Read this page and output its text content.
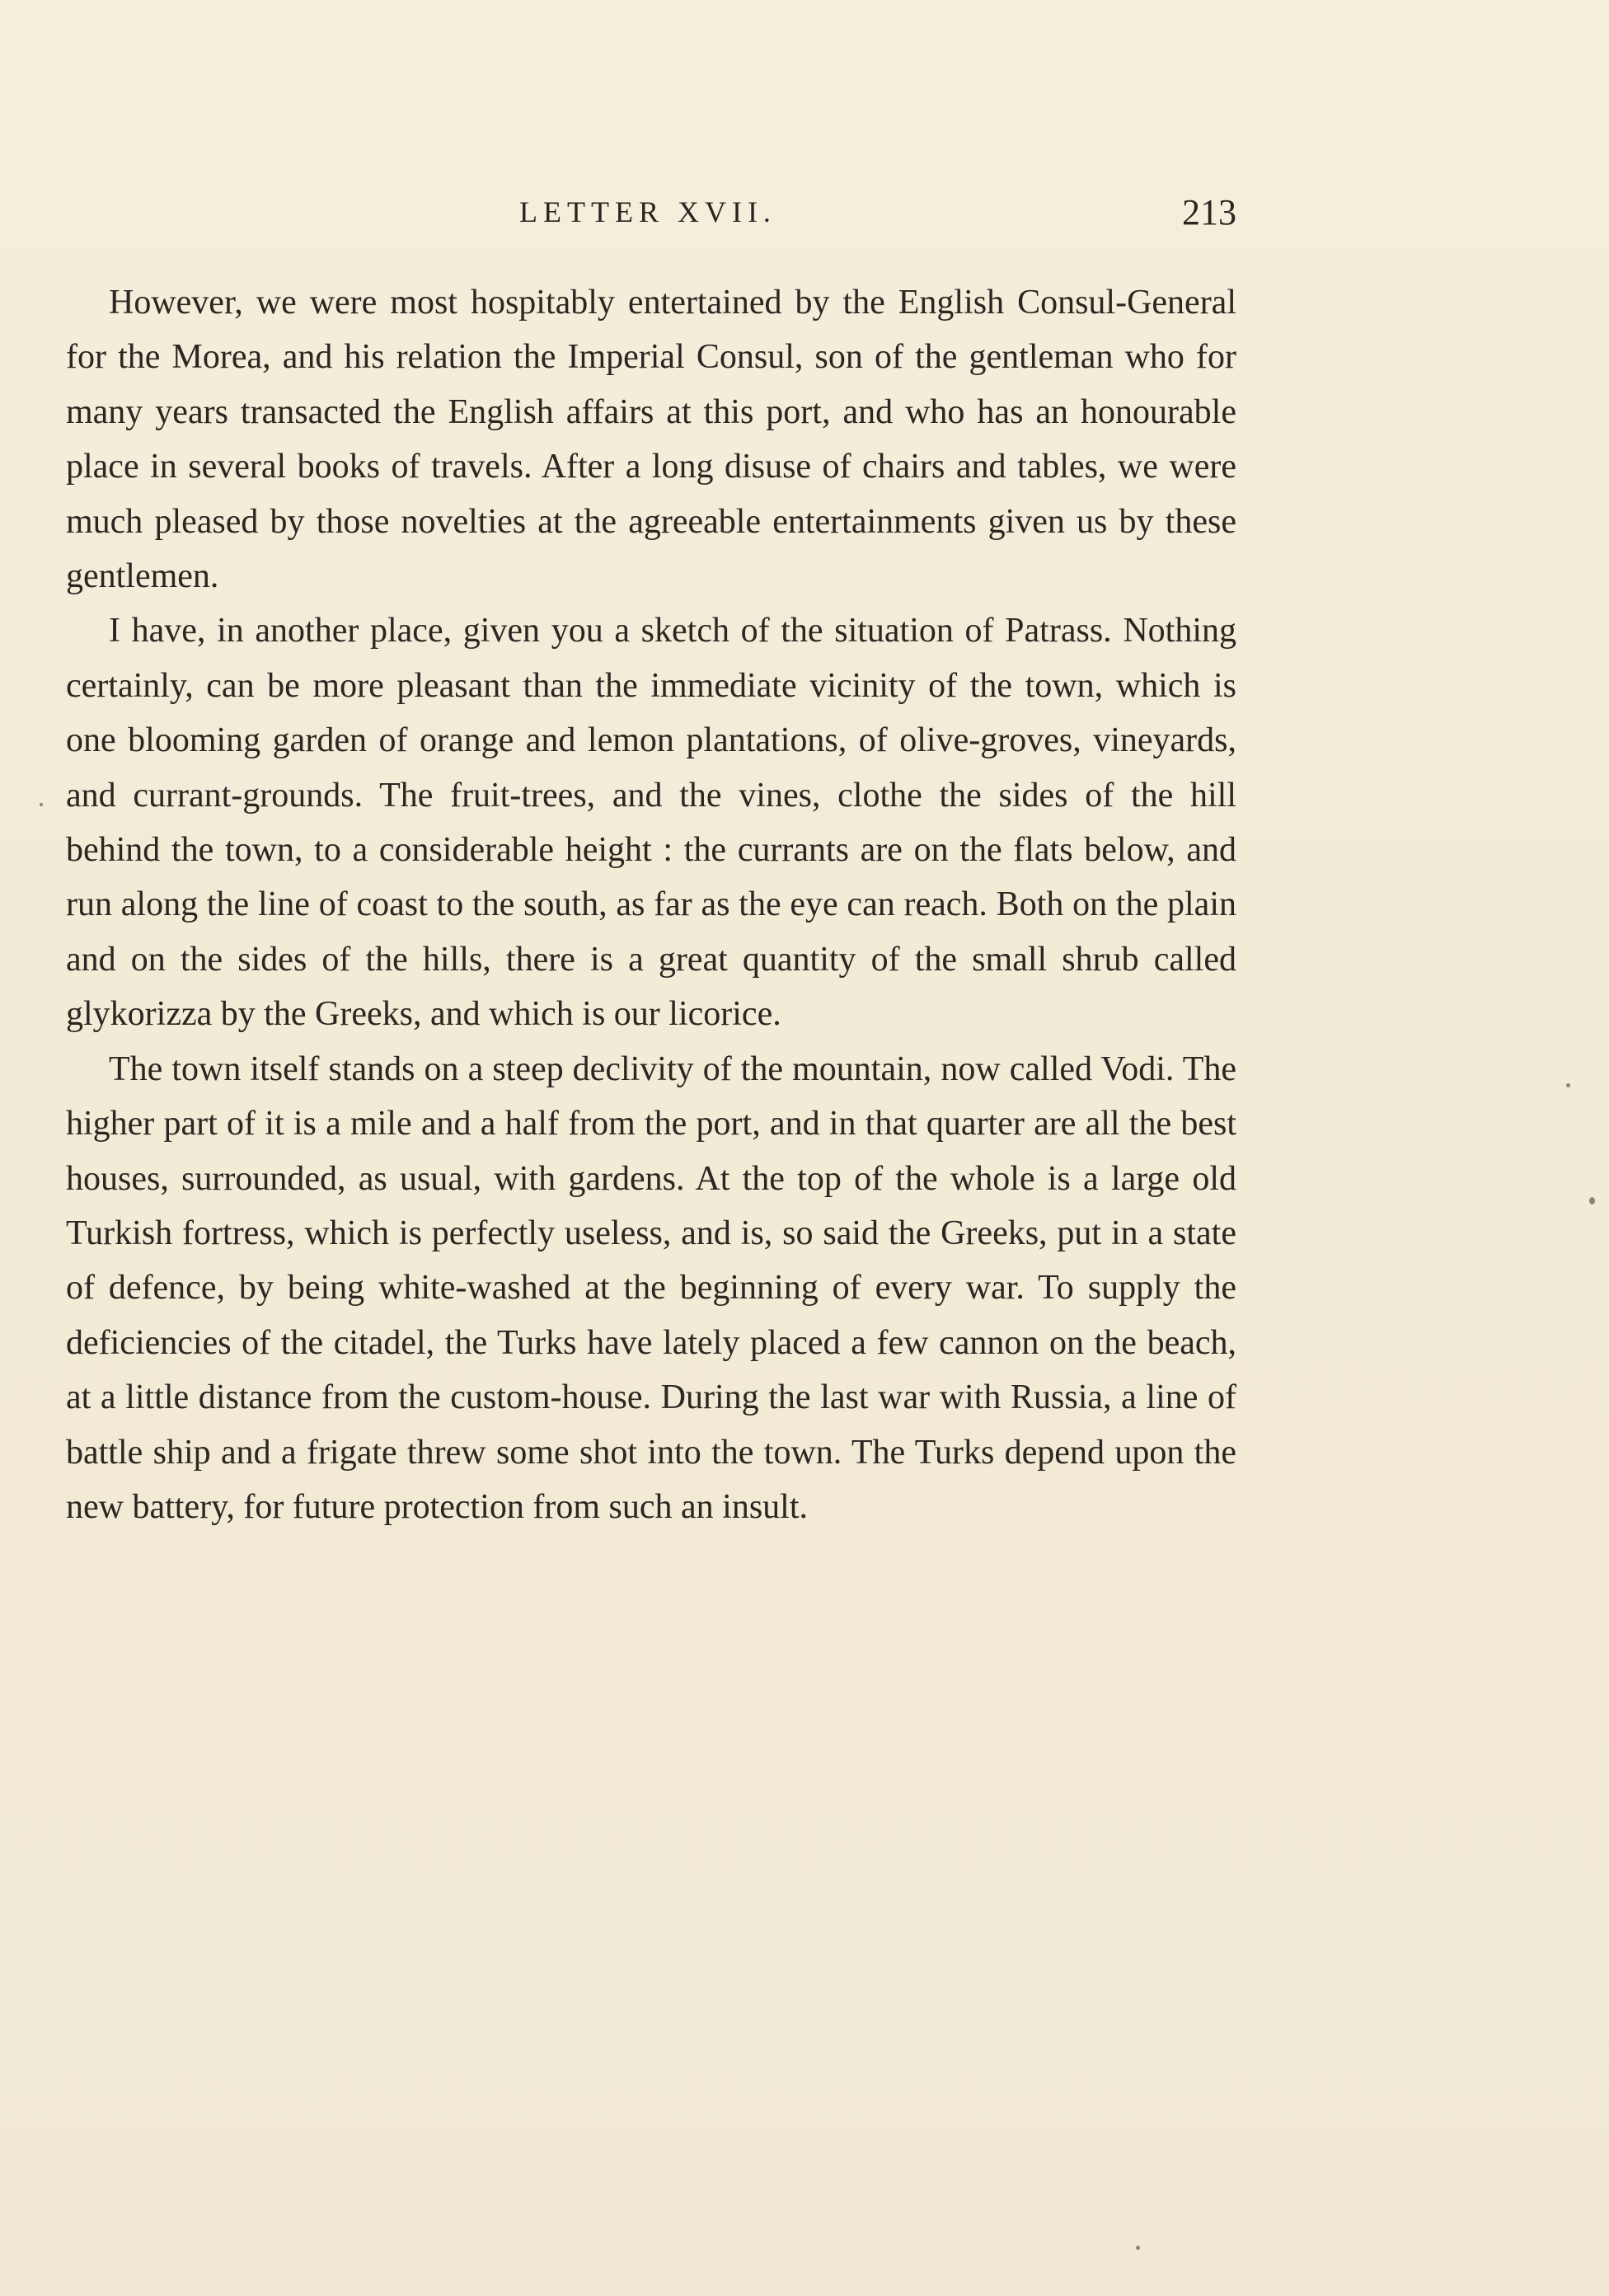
LETTER XVII.	213

However, we were most hospitably entertained by the English Consul-General for the Morea, and his relation the Imperial Consul, son of the gentleman who for many years transacted the English affairs at this port, and who has an honourable place in several books of travels. After a long disuse of chairs and tables, we were much pleased by those novelties at the agreeable entertainments given us by these gentlemen.

I have, in another place, given you a sketch of the situation of Patrass. Nothing certainly, can be more pleasant than the immediate vicinity of the town, which is one blooming garden of orange and lemon plantations, of olive-groves, vineyards, and currant-grounds. The fruit-trees, and the vines, clothe the sides of the hill behind the town, to a considerable height : the currants are on the flats below, and run along the line of coast to the south, as far as the eye can reach. Both on the plain and on the sides of the hills, there is a great quantity of the small shrub called glykorizza by the Greeks, and which is our licorice.

The town itself stands on a steep declivity of the mountain, now called Vodi. The higher part of it is a mile and a half from the port, and in that quarter are all the best houses, surrounded, as usual, with gardens. At the top of the whole is a large old Turkish fortress, which is perfectly useless, and is, so said the Greeks, put in a state of defence, by being white-washed at the beginning of every war. To supply the deficiencies of the citadel, the Turks have lately placed a few cannon on the beach, at a little distance from the custom-house. During the last war with Russia, a line of battle ship and a frigate threw some shot into the town. The Turks depend upon the new battery, for future protection from such an insult.
